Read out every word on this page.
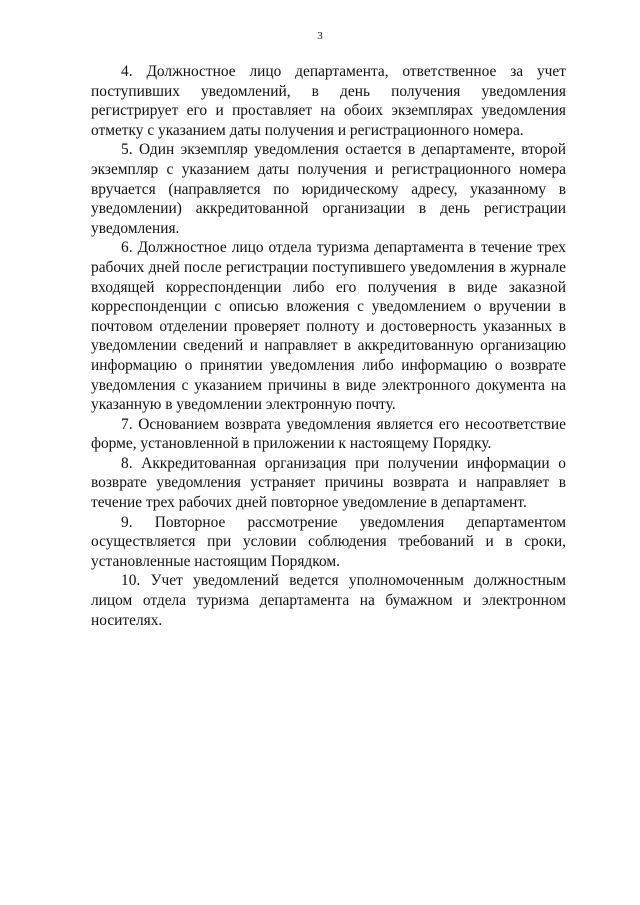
3

4. Должностное лицо департамента, ответственное за учет поступивших уведомлений, в день получения уведомления регистрирует его и проставляет на обоих экземплярах уведомления отметку с указанием даты получения и регистрационного номера.

5. Один экземпляр уведомления остается в департаменте, второй экземпляр с указанием даты получения и регистрационного номера вручается (направляется по юридическому адресу, указанному в уведомлении) аккредитованной организации в день регистрации уведомления.

6. Должностное лицо отдела туризма департамента в течение трех рабочих дней после регистрации поступившего уведомления в журнале входящей корреспонденции либо его получения в виде заказной корреспонденции с описью вложения с уведомлением о вручении в почтовом отделении проверяет полноту и достоверность указанных в уведомлении сведений и направляет в аккредитованную организацию информацию о принятии уведомления либо информацию о возврате уведомления с указанием причины в виде электронного документа на указанную в уведомлении электронную почту.

7. Основанием возврата уведомления является его несоответствие форме, установленной в приложении к настоящему Порядку.

8. Аккредитованная организация при получении информации о возврате уведомления устраняет причины возврата и направляет в течение трех рабочих дней повторное уведомление в департамент.

9. Повторное рассмотрение уведомления департаментом осуществляется при условии соблюдения требований и в сроки, установленные настоящим Порядком.

10. Учет уведомлений ведется уполномоченным должностным лицом отдела туризма департамента на бумажном и электронном носителях.
